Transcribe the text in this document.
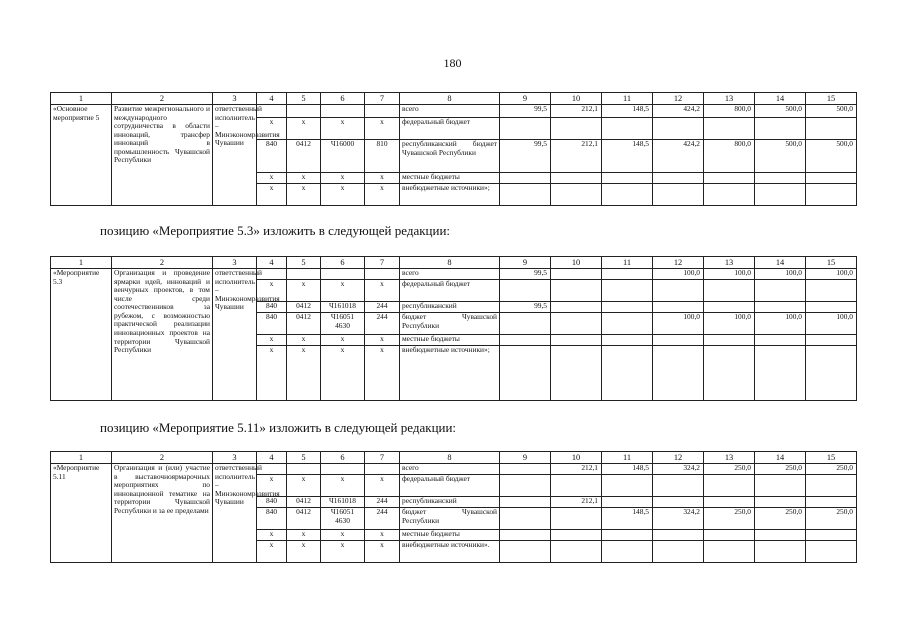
180
1	2	3	4	5	6	7	8	9	10	11	12	13	14	15
«Основное мероприятие 5	Развитие межрегионального и международного сотрудничества в области инноваций, трансфер инноваций в промышленность Чувашской Республики	ответственный исполнитель – Минэкономразвития Чувашии					всего	99,5	212,1	148,5	424,2	800,0	500,0	500,0
			х	х	х	х	федеральный бюджет							
			840	0412	Ч16000	810	республиканский бюджет Чувашской Республики	99,5	212,1	148,5	424,2	800,0	500,0	500,0
			х	х	х	х	местные бюджеты							
			х	х	х	х	внебюджетные источники»;							
позицию «Мероприятие 5.3» изложить в следующей редакции:
1	2	3	4	5	6	7	8	9	10	11	12	13	14	15
«Мероприятие 5.3	Организация и проведение ярмарки идей, инноваций и венчурных проектов, в том числе среди соотечественников за рубежом, с возможностью практической реализации инновационных проектов на территории Чувашской Республики	ответственный исполнитель – Минэкономразвития Чувашии					всего	99,5			100,0	100,0	100,0	100,0
			х	х	х	х	федеральный бюджет							
			840	0412	Ч161018	244	республиканский	99,5						
			840	0412	Ч16051 4630	244	бюджет Чувашской Республики				100,0	100,0	100,0	100,0
			х	х	х	х	местные бюджеты							
			х	х	х	х	внебюджетные источники»;							
позицию «Мероприятие 5.11» изложить в следующей редакции:
1	2	3	4	5	6	7	8	9	10	11	12	13	14	15
«Мероприятие 5.11	Организация и (или) участие в выставочноярмарочных мероприятиях по инновационной тематике на территории Чувашской Республики и за ее пределами	ответственный исполнитель – Минэкономразвития Чувашии					всего		212,1	148,5	324,2	250,0	250,0	250,0
			х	х	х	х	федеральный бюджет							
			840	0412	Ч161018	244	республиканский		212,1					
			840	0412	Ч16051 4630	244	бюджет Чувашской Республики			148,5	324,2	250,0	250,0	250,0
			х	х	х	х	местные бюджеты							
			х	х	х	х	внебюджетные источники».							
